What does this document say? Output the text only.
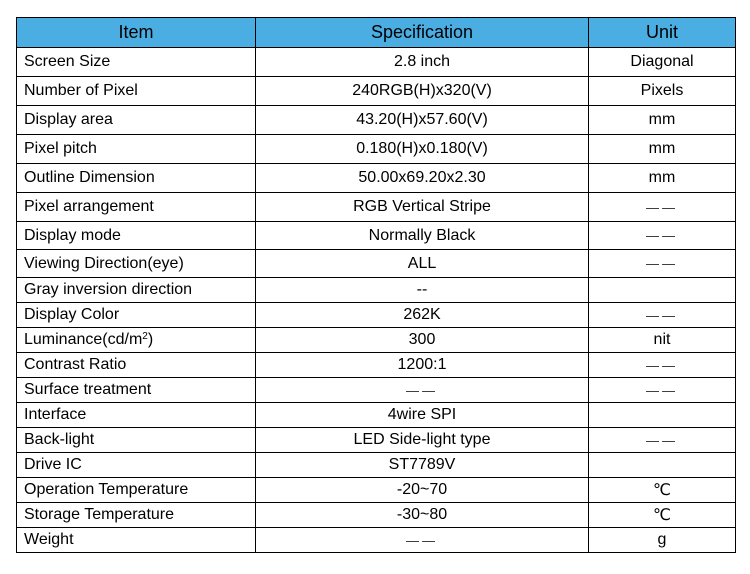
Item	Specification	Unit
Screen Size	2.8 inch	Diagonal
Number of Pixel	240RGB(H)x320(V)	Pixels
Display area	43.20(H)x57.60(V)	mm
Pixel pitch	0.180(H)x0.180(V)	mm
Outline Dimension	50.00x69.20x2.30	mm
Pixel arrangement	RGB Vertical Stripe	——
Display mode	Normally Black	——
Viewing Direction(eye)	ALL	——
Gray inversion direction	--	
Display Color	262K	——
$Luminance(cd/m^2)$	300	nit
Contrast Ratio	1200:1	——
Surface treatment	——	——
Interface	4wire SPI	
Back-light	LED Side-light type	——
Drive IC	ST7789V	
Operation Temperature	-20~70	℃
Storage Temperature	-30~80	℃
Weight	——	g
